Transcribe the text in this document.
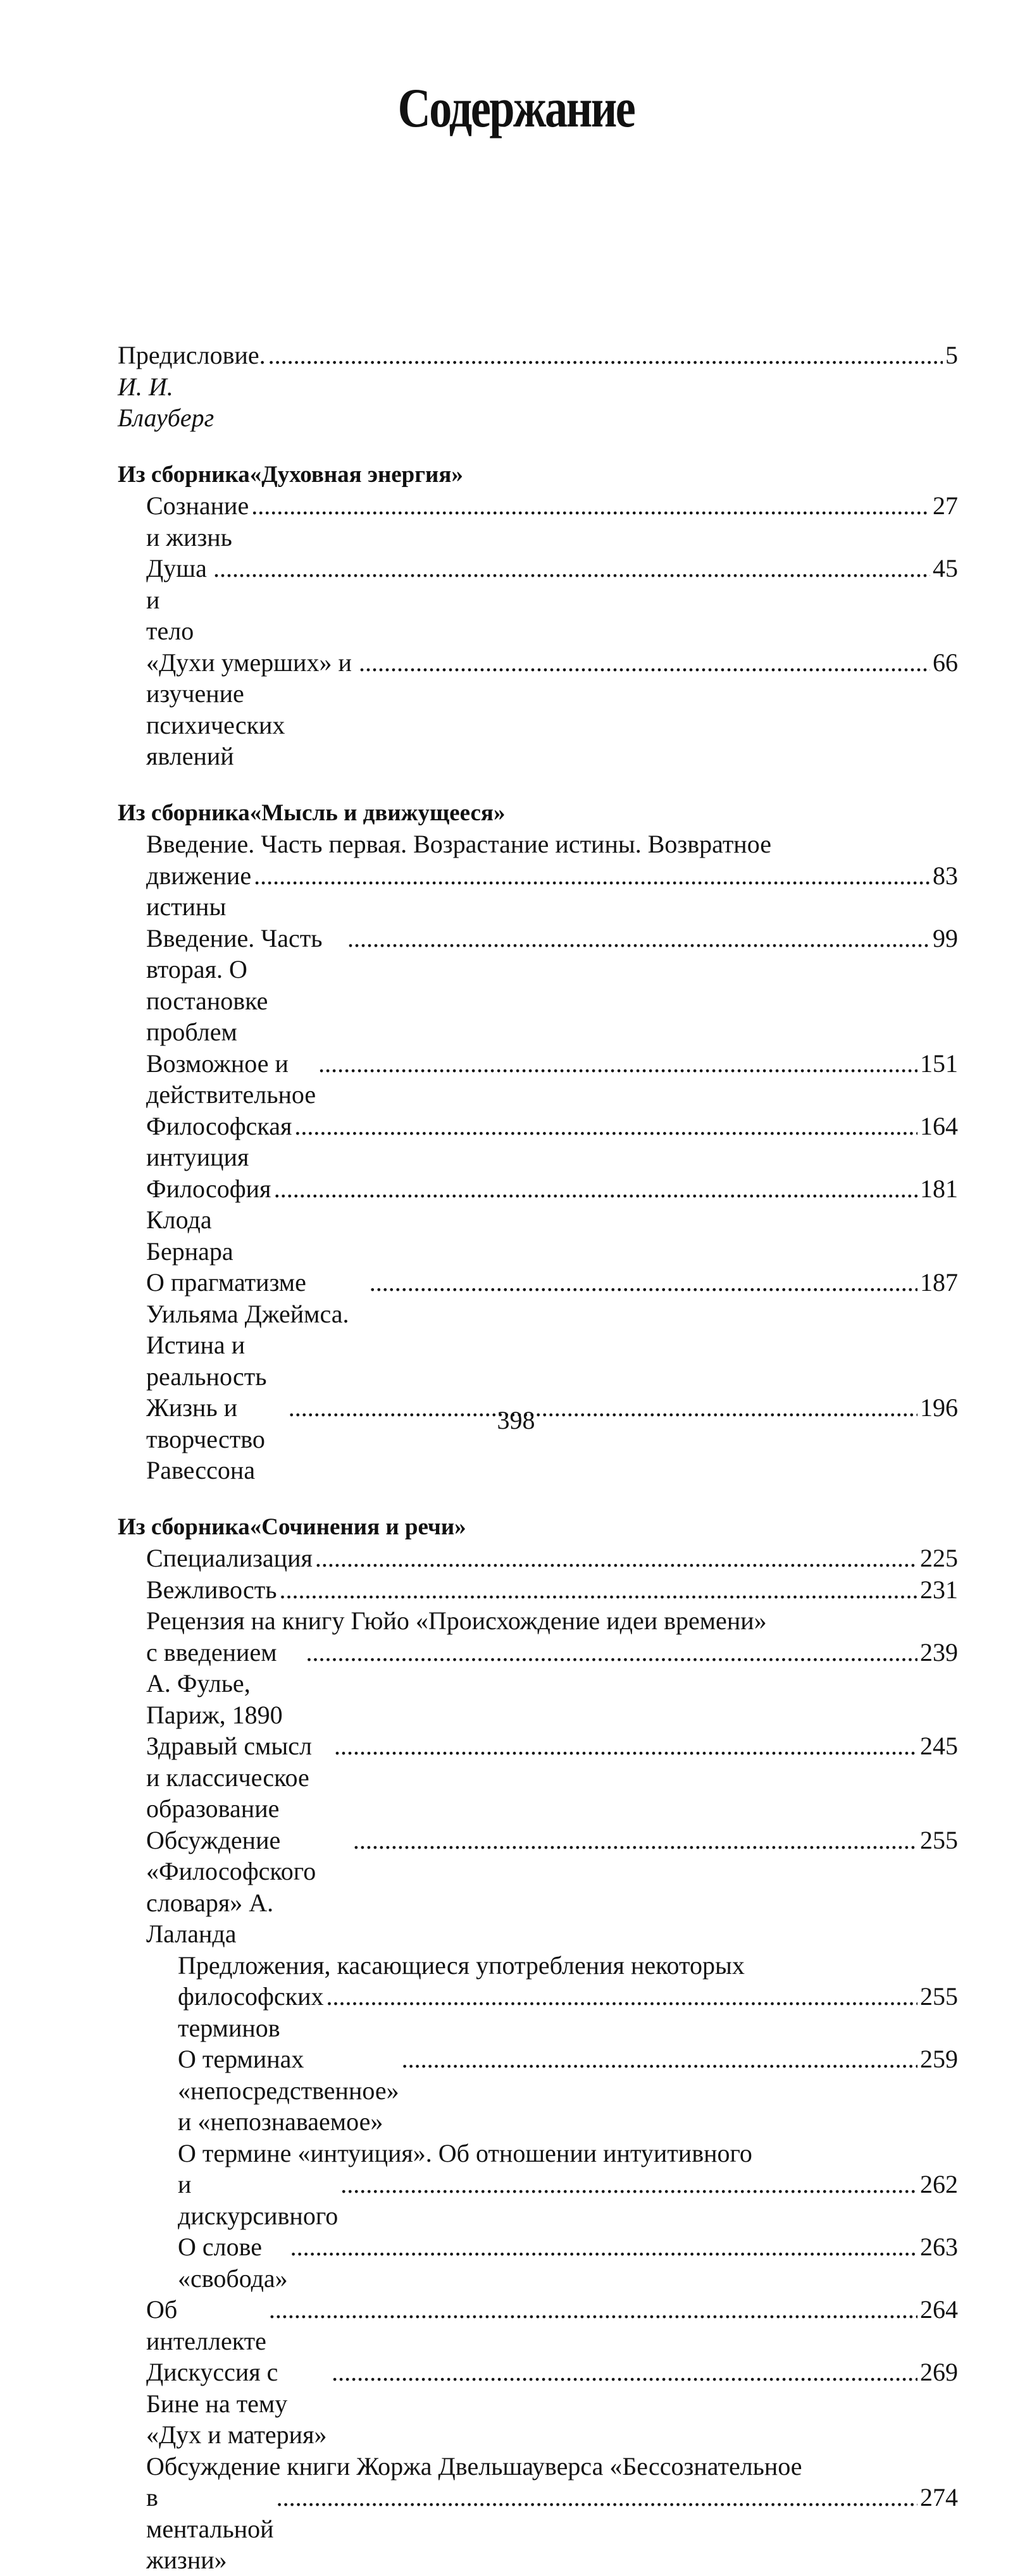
Содержание
Предисловие. И. И. Блауберг
.....
5
Из сборника«Духовная энергия»
Сознание и жизнь
.....
27
Душа и тело
.....
45
«Духи умерших» и изучение психических явлений
.....
66
Из сборника«Мысль и движущееся»
Введение. Часть первая. Возрастание истины. Возвратное
движение истины
.....
83
Введение. Часть вторая. О постановке проблем
.....
99
Возможное и действительное
.....
151
Философская интуиция
.....
164
Философия Клода Бернара
.....
181
О прагматизме Уильяма Джеймса. Истина и реальность
.....
187
Жизнь и творчество Равессона
.....
196
Из сборника«Сочинения и речи»
Специализация .....	225
Вежливость .....	231
Рецензия на книгу Гюйо «Происхождение идеи времени»
с введением А. Фулье, Париж, 1890
.....
239
Здравый смысл и классическое образование
.....
245
Обсуждение «Философского словаря» А. Лаланда
.....
255
Предложения, касающиеся употребления некоторых
философских терминов
.....
255
О терминах «непосредственное» и «непознаваемое»
.....
259
О термине «интуиция». Об отношении интуитивного
и дискурсивного
.....
262
О слове «свобода»
.....
263
Об интеллекте
.....
264
Дискуссия с Бине на тему «Дух и материя»
.....
269
Обсуждение книги Жоржа Двельшауверса «Бессознательное
в ментальной жизни»
.....
274
398
